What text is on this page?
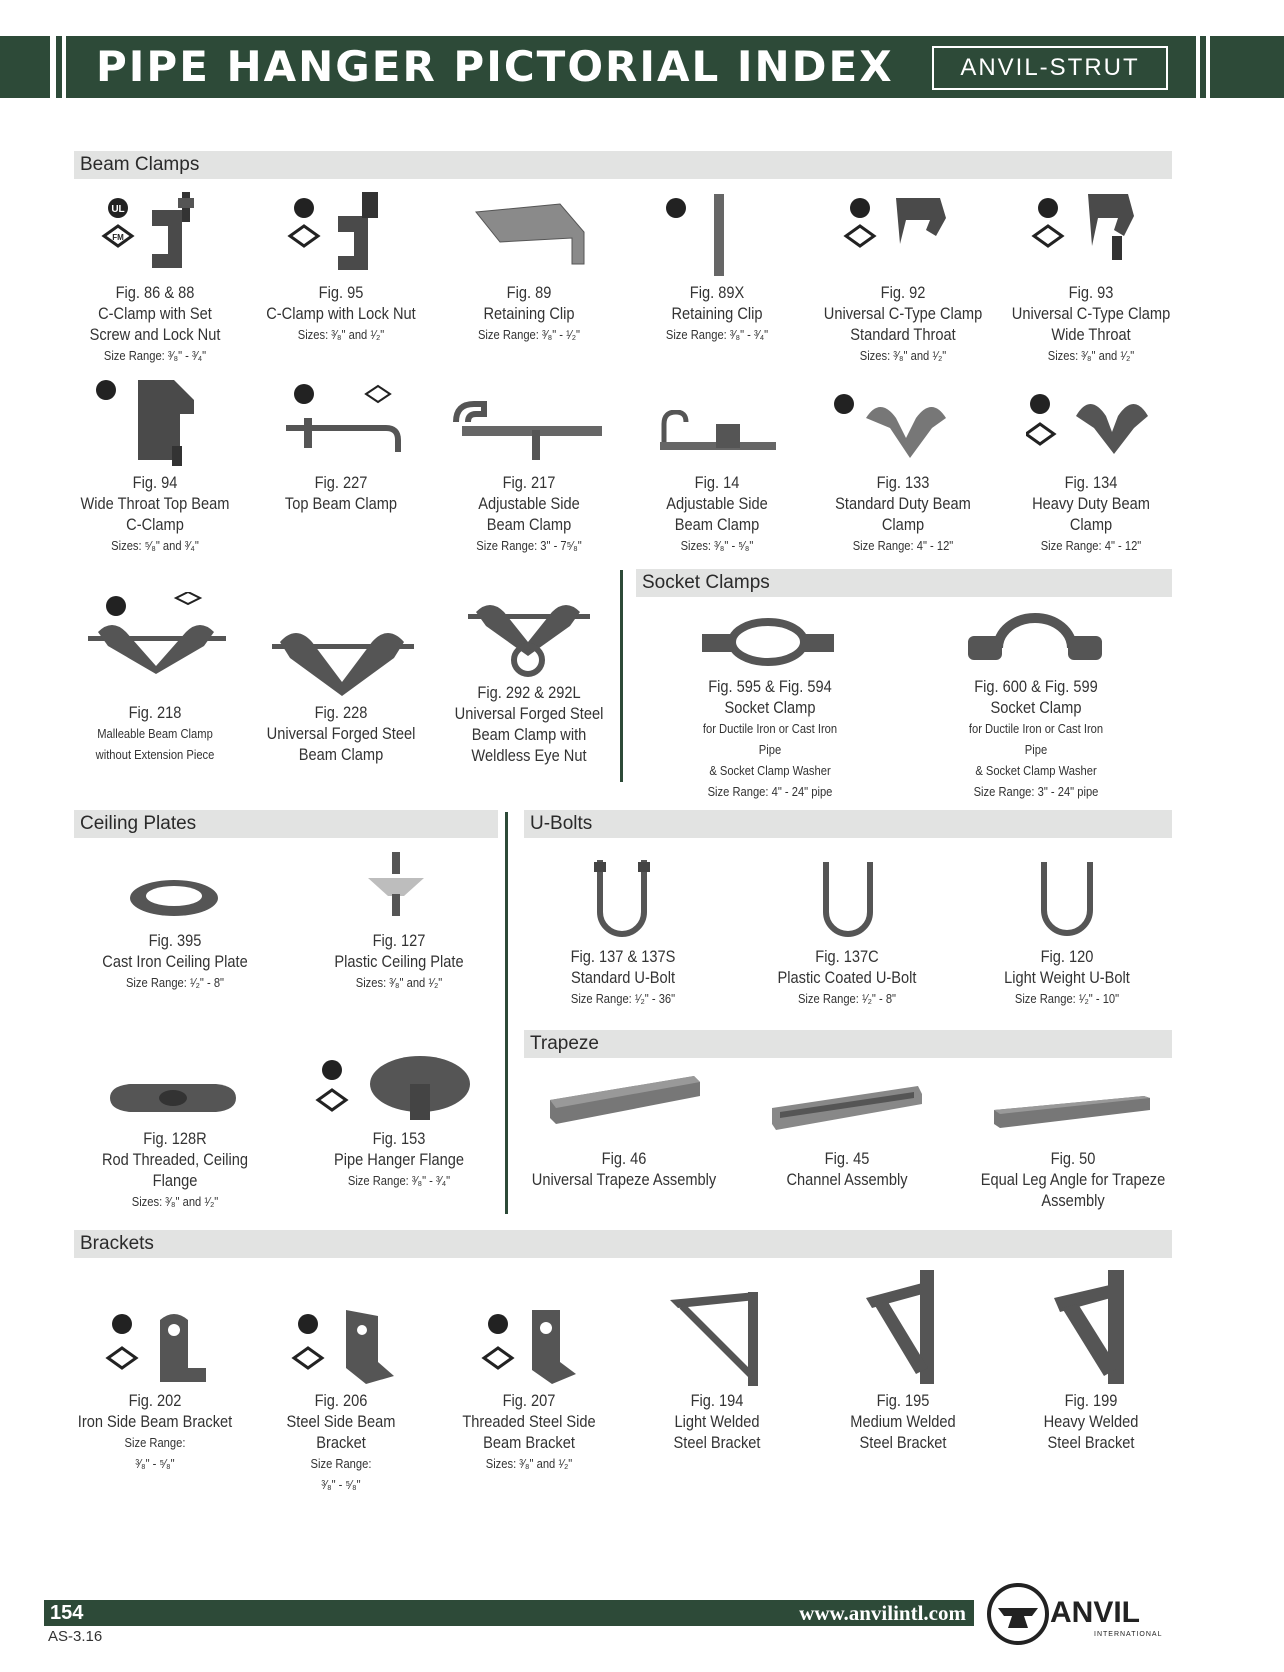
PIPE HANGER PICTORIAL INDEX	ANVIL-STRUT
Beam Clamps
Socket Clamps
Ceiling Plates	U-Bolts
Trapeze
Brackets
UL
FM
Fig. 86 & 88
C-Clamp with Set
Screw and Lock Nut
Size Range: ³⁄₈" - ³⁄₄"
Fig. 95
C-Clamp with Lock Nut
Sizes: ³⁄₈" and ¹⁄₂"
Fig. 89
Retaining Clip
Size Range: ³⁄₈" - ¹⁄₂"
Fig. 89X
Retaining Clip
Size Range: ³⁄₈" - ³⁄₄"
Fig. 92
Universal C-Type Clamp
Standard Throat
Sizes: ³⁄₈" and ¹⁄₂"
Fig. 93
Universal C-Type Clamp
Wide Throat
Sizes: ³⁄₈" and ¹⁄₂"
Fig. 94
Wide Throat Top Beam
C-Clamp
Sizes: ⁵⁄₈" and ³⁄₄"
Fig. 227
Top Beam Clamp
Fig. 217
Adjustable Side
Beam Clamp
Size Range: 3" - 7⁵⁄₈"
Fig. 14
Adjustable Side
Beam Clamp
Sizes: ³⁄₈" - ⁵⁄₈"
Fig. 133
Standard Duty Beam
Clamp
Size Range: 4" - 12"
Fig. 134
Heavy Duty Beam
Clamp
Size Range: 4" - 12"
Fig. 218
Malleable Beam Clamp
without Extension Piece
Fig. 228
Universal Forged Steel
Beam Clamp
Fig. 292 & 292L
Universal Forged Steel
Beam Clamp with
Weldless Eye Nut
Fig. 595 & Fig. 594
Socket Clamp
for Ductile Iron or Cast Iron Pipe
& Socket Clamp Washer
Size Range: 4" - 24" pipe
Fig. 600 & Fig. 599
Socket Clamp
for Ductile Iron or Cast Iron Pipe
& Socket Clamp Washer
Size Range: 3" - 24" pipe
Fig. 395
Cast Iron Ceiling Plate
Size Range: ¹⁄₂" - 8"
Fig. 127
Plastic Ceiling Plate
Sizes: ³⁄₈" and ¹⁄₂"
Fig. 128R
Rod Threaded, Ceiling Flange
Sizes: ³⁄₈" and ¹⁄₂"
Fig. 153
Pipe Hanger Flange
Size Range: ³⁄₈" - ³⁄₄"
Fig. 137 & 137S
Standard U-Bolt
Size Range: ¹⁄₂" - 36"
Fig. 137C
Plastic Coated U-Bolt
Size Range: ¹⁄₂" - 8"
Fig. 120
Light Weight U-Bolt
Size Range: ¹⁄₂" - 10"
Fig. 46
Universal Trapeze Assembly
Fig. 45
Channel Assembly
Fig. 50
Equal Leg Angle for Trapeze
Assembly
Fig. 202
Iron Side Beam Bracket
Size Range:
³⁄₈" - ⁵⁄₈"
Fig. 206
Steel Side Beam Bracket
Size Range:
³⁄₈" - ⁵⁄₈"
Fig. 207
Threaded Steel Side
Beam Bracket
Sizes: ³⁄₈" and ¹⁄₂"
Fig. 194
Light Welded
Steel Bracket
Fig. 195
Medium Welded
Steel Bracket
Fig. 199
Heavy Welded
Steel Bracket
154	www.anvilintl.com
AS-3.16
ANVIL
INTERNATIONAL
